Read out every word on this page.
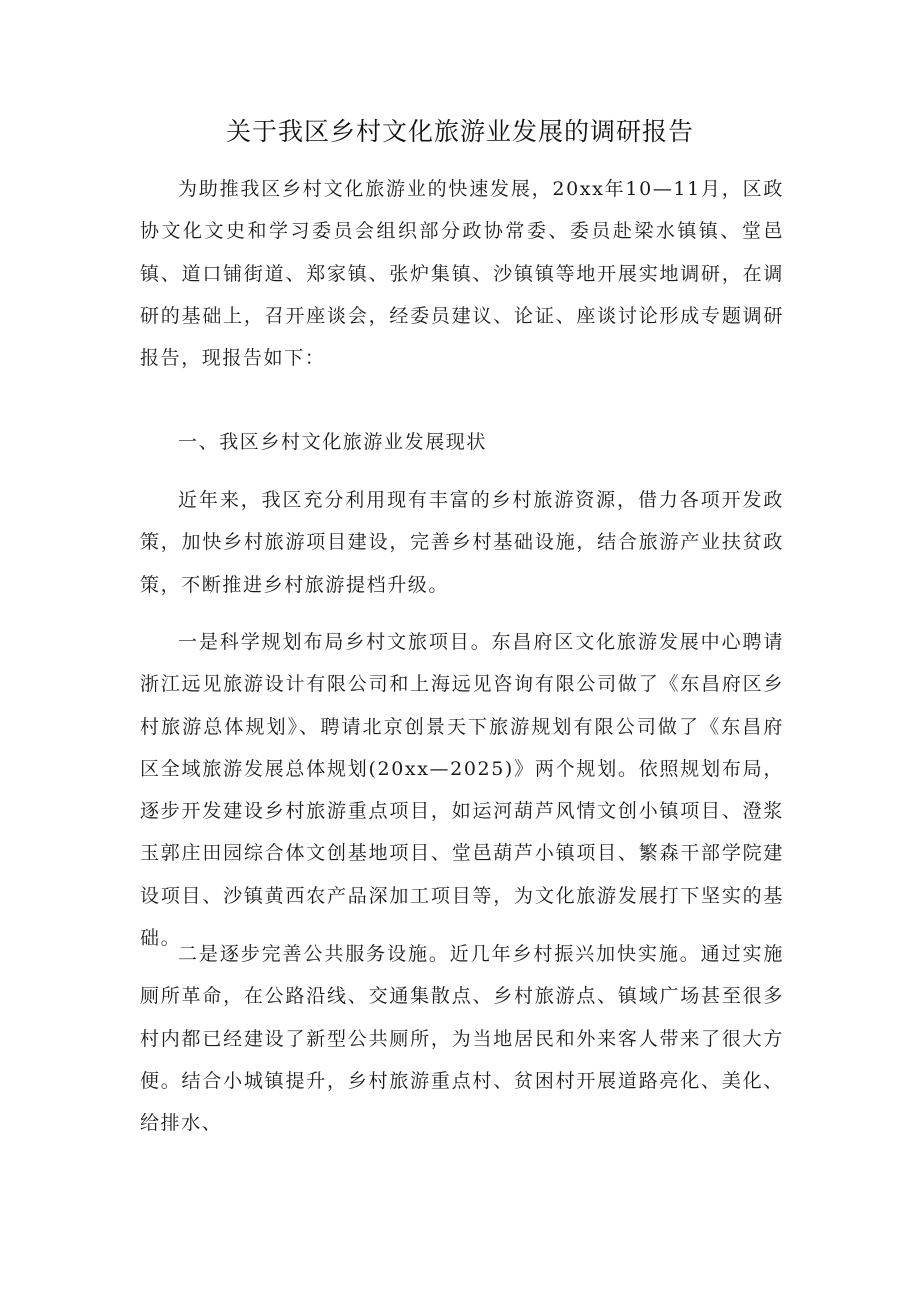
关于我区乡村文化旅游业发展的调研报告

为助推我区乡村文化旅游业的快速发展，20xx年10—11月，区政协文化文史和学习委员会组织部分政协常委、委员赴梁水镇镇、堂邑镇、道口铺街道、郑家镇、张炉集镇、沙镇镇等地开展实地调研，在调研的基础上，召开座谈会，经委员建议、论证、座谈讨论形成专题调研报告，现报告如下：

一、我区乡村文化旅游业发展现状

近年来，我区充分利用现有丰富的乡村旅游资源，借力各项开发政策，加快乡村旅游项目建设，完善乡村基础设施，结合旅游产业扶贫政策，不断推进乡村旅游提档升级。

一是科学规划布局乡村文旅项目。东昌府区文化旅游发展中心聘请浙江远见旅游设计有限公司和上海远见咨询有限公司做了《东昌府区乡村旅游总体规划》、聘请北京创景天下旅游规划有限公司做了《东昌府区全域旅游发展总体规划(20xx—2025)》两个规划。依照规划布局，逐步开发建设乡村旅游重点项目，如运河葫芦风情文创小镇项目、澄浆玉郭庄田园综合体文创基地项目、堂邑葫芦小镇项目、繁森干部学院建设项目、沙镇黄西农产品深加工项目等，为文化旅游发展打下坚实的基础。

二是逐步完善公共服务设施。近几年乡村振兴加快实施。通过实施厕所革命，在公路沿线、交通集散点、乡村旅游点、镇域广场甚至很多村内都已经建设了新型公共厕所，为当地居民和外来客人带来了很大方便。结合小城镇提升，乡村旅游重点村、贫困村开展道路亮化、美化、给排水、
